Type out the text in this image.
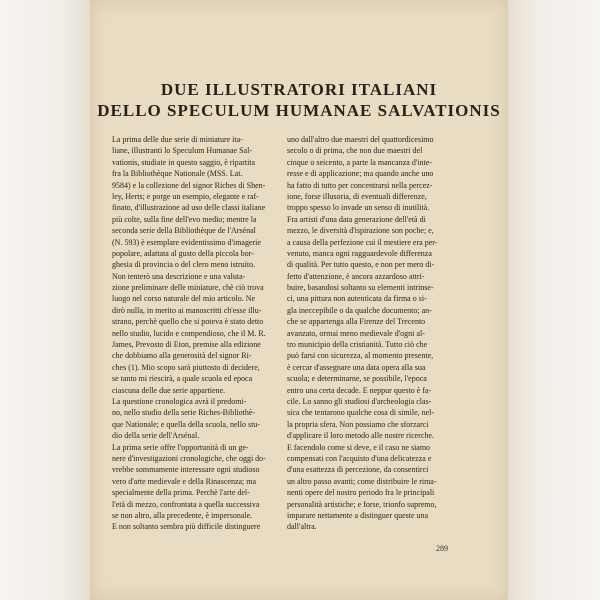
DUE ILLUSTRATORI ITALIANI
DELLO SPECULUM HUMANAE SALVATIONIS
La prima delle due serie di miniature ita-
liane, illustranti lo Speculum Humanae Sal-
vationis, studiate in questo saggio, è ripartita
fra la Bibliothèque Nationale (MSS. Lat.
9584) e la collezione del signor Riches di Shen-
ley, Herts; e porge un esempio, elegante e raf-
finato, d'illustrazione ad uso delle classi italiane
più colte, sulla fine dell'evo medio; mentre la
seconda serie della Bibliothèque de l'Arsénal
(N. 593) è esemplare evidentissimo d'imagerie
popolare, adattata al gusto della piccola bor-
ghesia di provincia o del clero meno istruito.
Non tenterò una descrizione e una valuta-
zione preliminare delle miniature, chè ciò trova
luogo nel corso naturale del mio articolo. Ne
dirò nulla, in merito ai manoscritti ch'esse illu-
strano, perchè quello che si poteva è stato detto
nello studio, lucido e compendioso, che il M. R.
James, Prevosto di Eton, premise alla edizione
che dobbiamo alla generosità del signor Ri-
ches (1). Mio scopo sarà piuttosto di decidere,
se tanto mi riescirà, a quale scuola ed epoca
ciascuna delle due serie appartiene.
La questione cronologica avrà il predomi-
no, nello studio della serie Riches-Bibliothè-
que Nationale; e quella della scuola, nello stu-
dio della serie dell'Arsénal.
La prima serie offre l'opportunità di un ge-
nere d'investigazioni cronologiche, che oggi do-
vrebbe sommamente interessare ogni studioso
vero d'arte medievale e della Rinascenza; ma
specialmente della prima. Perchè l'arte del-
l'età di mezzo, confrontata a quella successiva
se non altro, alla precedente, è impersonale.
E non soltanto sembra più difficile distinguere
uno dall'altro due maestri del quattordicesimo
secolo o di prima, che non due maestri del
cinque o seicento, a parte la mancanza d'inte-
resse e di applicazione; ma quando anche uno
ha fatto di tutto per concentrarsi nella percez-
ione, forse illusoria, di eventuali differenze,
troppo spesso lo invade un senso di inutilità.
Fra artisti d'una data generazione dell'età di
mezzo, le diversità d'ispirazione son poche; e,
a causa della perfezione cui il mestiere era per-
venuto, manca ogni ragguardevole differenza
di qualità. Per tutto questo, e non per mero di-
fetto d'attenzione, è ancora azzardoso attri-
buire, basandosi soltanto su elementi intrinse-
ci, una pittura non autenticata da firma o si-
gla ineccepibile o da qualche documento; an-
che se appartenga alla Firenze del Trecento
avanzato, ormai meno medievale d'ogni al-
tro municipio della cristianità. Tutto ciò che
può farsi con sicurezza, al momento presente,
è cercar d'assegnare una data opera alla sua
scuola; e determinarne, se possibile, l'epoca
entro una certa decade. E neppur questo è fa-
cile. Lo sanno gli studiosi d'archeologia clas-
sica che tentarono qualche cosa di simile, nel-
la propria sfera. Non possiamo che sforzarci
d'applicare il loro metodo alle nostre ricerche.
E facendolo come si deve, e il caso ne siamo
compensati con l'acquisto d'una delicatezza e
d'una esattezza di percezione, da consentirci
un altro passo avanti; come distribuire le rima-
nenti opere del nostro periodo fra le principali
personalità artistiche; e forse, trionfo supremo,
imparare nettamente a distinguer queste una
dall'altra.
289
